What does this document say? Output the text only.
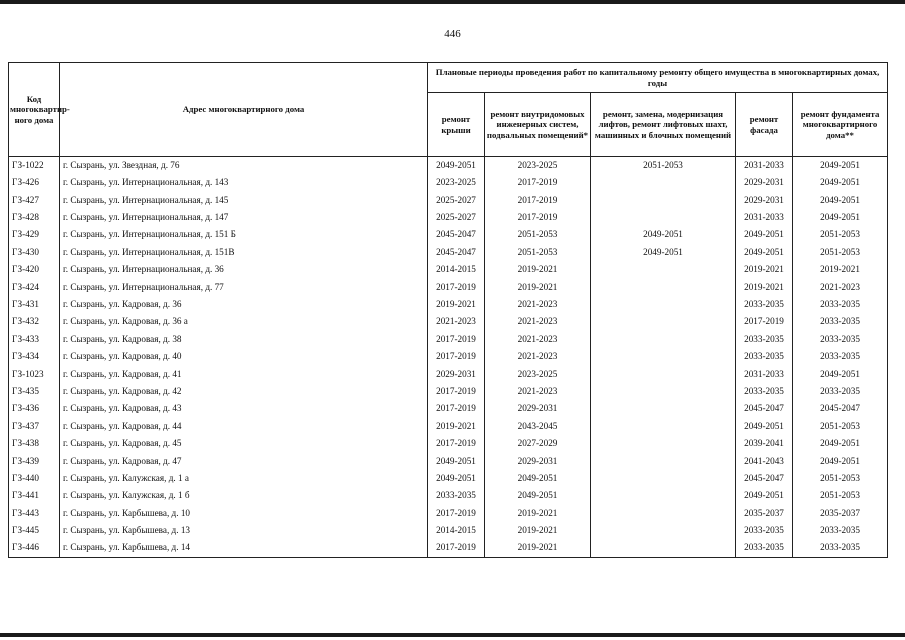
446
Код многоквартир-ного дома	Адрес многоквартирного дома	Плановые периоды проведения работ по капитальному ремонту общего имущества в многоквартирных домах, годы				
		ремонт крыши	ремонт внутридомовых инженерных систем, подвальных помещений*	ремонт, замена, модернизация лифтов, ремонт лифтовых шахт, машинных и блочных помещений	ремонт фасада	ремонт фундамента многоквартирного дома**
ГЗ-1022	г. Сызрань, ул. Звездная, д. 76	2049-2051	2023-2025	2051-2053	2031-2033	2049-2051
ГЗ-426	г. Сызрань, ул. Интернациональная, д. 143	2023-2025	2017-2019		2029-2031	2049-2051
ГЗ-427	г. Сызрань, ул. Интернациональная, д. 145	2025-2027	2017-2019		2029-2031	2049-2051
ГЗ-428	г. Сызрань, ул. Интернациональная, д. 147	2025-2027	2017-2019		2031-2033	2049-2051
ГЗ-429	г. Сызрань, ул. Интернациональная, д. 151 Б	2045-2047	2051-2053	2049-2051	2049-2051	2051-2053
ГЗ-430	г. Сызрань, ул. Интернациональная, д. 151В	2045-2047	2051-2053	2049-2051	2049-2051	2051-2053
ГЗ-420	г. Сызрань, ул. Интернациональная, д. 36	2014-2015	2019-2021		2019-2021	2019-2021
ГЗ-424	г. Сызрань, ул. Интернациональная, д. 77	2017-2019	2019-2021		2019-2021	2021-2023
ГЗ-431	г. Сызрань, ул. Кадровая, д. 36	2019-2021	2021-2023		2033-2035	2033-2035
ГЗ-432	г. Сызрань, ул. Кадровая, д. 36 а	2021-2023	2021-2023		2017-2019	2033-2035
ГЗ-433	г. Сызрань, ул. Кадровая, д. 38	2017-2019	2021-2023		2033-2035	2033-2035
ГЗ-434	г. Сызрань, ул. Кадровая, д. 40	2017-2019	2021-2023		2033-2035	2033-2035
ГЗ-1023	г. Сызрань, ул. Кадровая, д. 41	2029-2031	2023-2025		2031-2033	2049-2051
ГЗ-435	г. Сызрань, ул. Кадровая, д. 42	2017-2019	2021-2023		2033-2035	2033-2035
ГЗ-436	г. Сызрань, ул. Кадровая, д. 43	2017-2019	2029-2031		2045-2047	2045-2047
ГЗ-437	г. Сызрань, ул. Кадровая, д. 44	2019-2021	2043-2045		2049-2051	2051-2053
ГЗ-438	г. Сызрань, ул. Кадровая, д. 45	2017-2019	2027-2029		2039-2041	2049-2051
ГЗ-439	г. Сызрань, ул. Кадровая, д. 47	2049-2051	2029-2031		2041-2043	2049-2051
ГЗ-440	г. Сызрань, ул. Калужская, д. 1 а	2049-2051	2049-2051		2045-2047	2051-2053
ГЗ-441	г. Сызрань, ул. Калужская, д. 1 б	2033-2035	2049-2051		2049-2051	2051-2053
ГЗ-443	г. Сызрань, ул. Карбышева, д. 10	2017-2019	2019-2021		2035-2037	2035-2037
ГЗ-445	г. Сызрань, ул. Карбышева, д. 13	2014-2015	2019-2021		2033-2035	2033-2035
ГЗ-446	г. Сызрань, ул. Карбышева, д. 14	2017-2019	2019-2021		2033-2035	2033-2035
